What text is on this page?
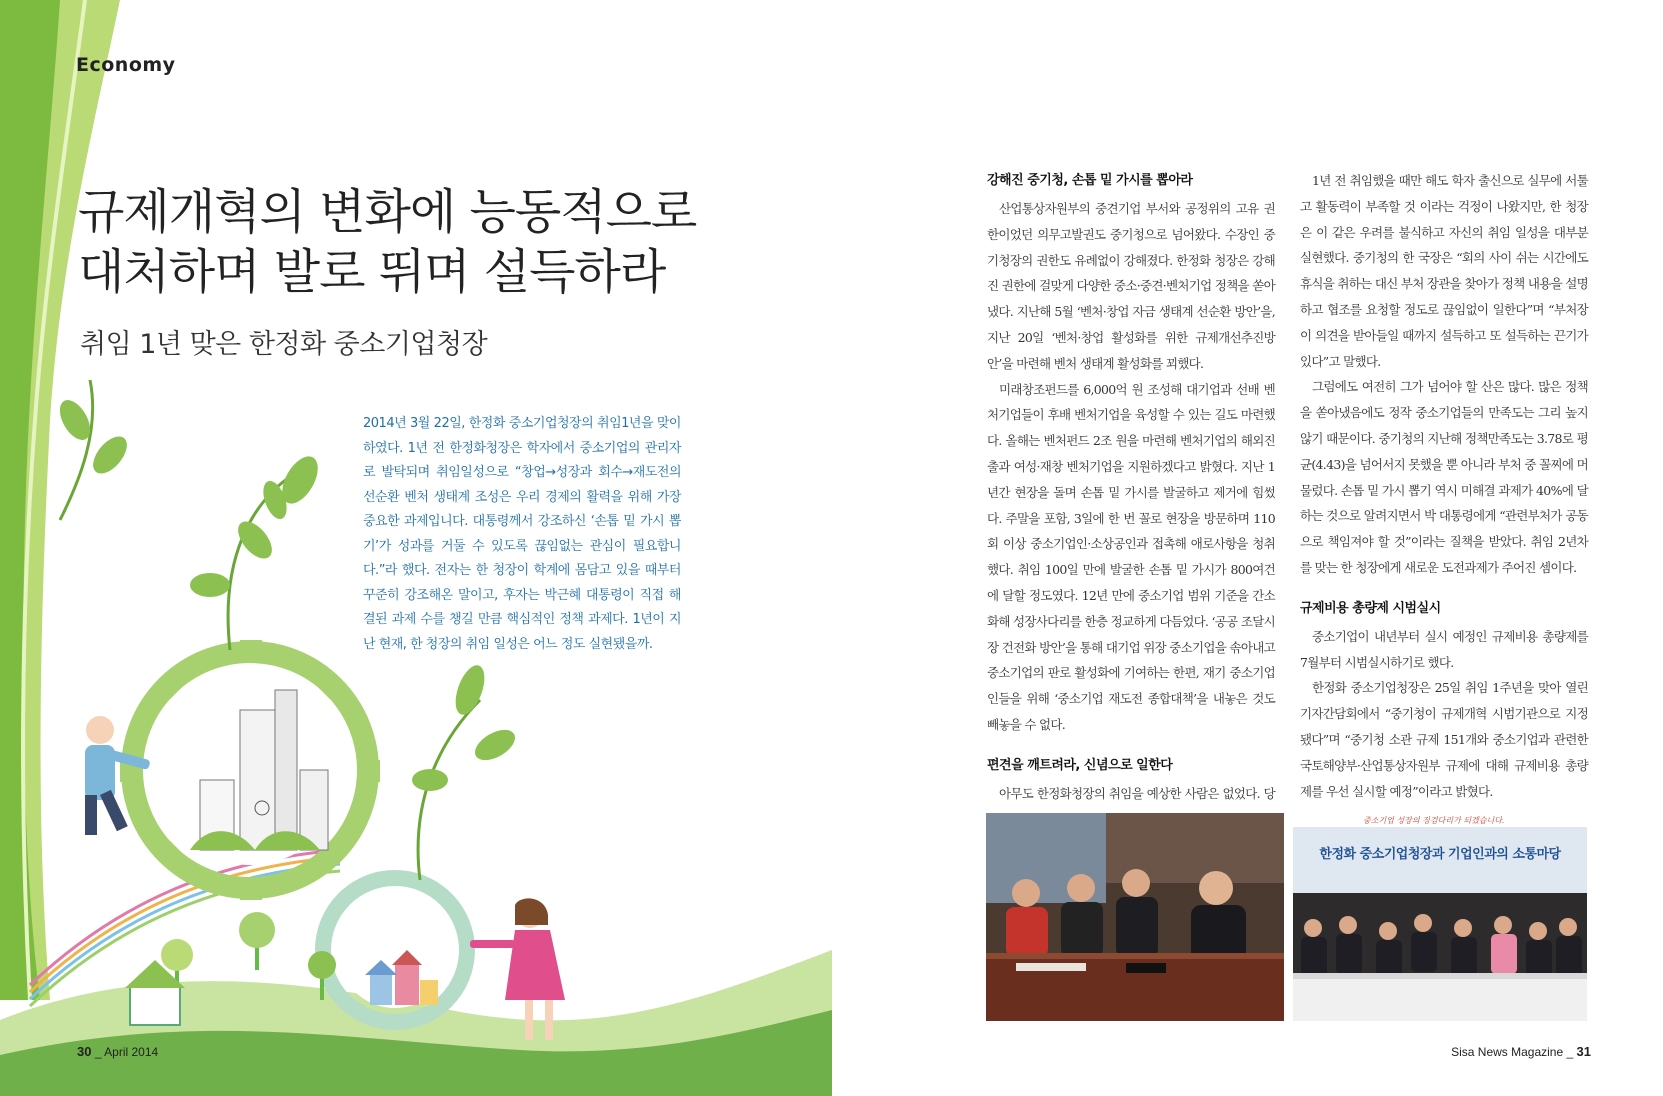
Economy
규제개혁의 변화에 능동적으로
대처하며 발로 뛰며 설득하라
취임 1년 맞은 한정화 중소기업청장

2014년 3월 22일, 한정화 중소기업청장의 취임1년을 맞이하였다. 1년 전 한정화청장은 학자에서 중소기업의 관리자로 발탁되며 취임일성으로 “창업→성장과 회수→재도전의 선순환 벤처 생태계 조성은 우리 경제의 활력을 위해 가장 중요한 과제입니다. 대통령께서 강조하신 ‘손톱 밑 가시 뽑기’가 성과를 거둘 수 있도록 끊임없는 관심이 필요합니다.”라 했다. 전자는 한 청장이 학계에 몸담고 있을 때부터 꾸준히 강조해온 말이고, 후자는 박근혜 대통령이 직접 해결된 과제 수를 챙길 만큼 핵심적인 정책 과제다. 1년이 지난 현재, 한 청장의 취임 일성은 어느 정도 실현됐을까.

30 _ April 2014
강해진 중기청, 손톱 밑 가시를 뽑아라

산업통상자원부의 중견기업 부서와 공정위의 고유 권한이었던 의무고발권도 중기청으로 넘어왔다. 수장인 중기청장의 권한도 유례없이 강해졌다. 한정화 청장은 강해진 권한에 걸맞게 다양한 중소·중견·벤처기업 정책을 쏟아냈다. 지난해 5월 ‘벤처·창업 자금 생태계 선순환 방안’을, 지난 20일 ‘벤처·창업 활성화를 위한 규제개선추진방안’을 마련해 벤처 생태계 활성화를 꾀했다.

미래창조펀드를 6,000억 원 조성해 대기업과 선배 벤처기업들이 후배 벤처기업을 육성할 수 있는 길도 마련했다. 올해는 벤처펀드 2조 원을 마련해 벤처기업의 해외진출과 여성·재창 벤처기업을 지원하겠다고 밝혔다. 지난 1년간 현장을 돌며 손톱 밑 가시를 발굴하고 제거에 힘썼다. 주말을 포함, 3일에 한 번 꼴로 현장을 방문하며 110회 이상 중소기업인·소상공인과 접촉해 애로사항을 청취했다. 취임 100일 만에 발굴한 손톱 밑 가시가 800여건에 달할 정도였다. 12년 만에 중소기업 범위 기준을 간소화해 성장사다리를 한층 정교하게 다듬었다. ‘공공 조달시장 건전화 방안’을 통해 대기업 위장 중소기업을 솎아내고 중소기업의 판로 활성화에 기여하는 한편, 재기 중소기업인들을 위해 ‘중소기업 재도전 종합대책’을 내놓은 것도 빼놓을 수 없다.

편견을 깨트려라, 신념으로 일한다

아무도 한정화청장의 취임을 예상한 사람은 없었다. 당

1년 전 취임했을 때만 해도 학자 출신으로 실무에 서툴고 활동력이 부족할 것 이라는 걱정이 나왔지만, 한 청장은 이 같은 우려를 불식하고 자신의 취임 일성을 대부분 실현했다. 중기청의 한 국장은 “회의 사이 쉬는 시간에도 휴식을 취하는 대신 부처 장관을 찾아가 정책 내용을 설명하고 협조를 요청할 정도로 끊임없이 일한다”며 “부처장이 의견을 받아들일 때까지 설득하고 또 설득하는 끈기가 있다”고 말했다.

그럼에도 여전히 그가 넘어야 할 산은 많다. 많은 정책을 쏟아냈음에도 정작 중소기업들의 만족도는 그리 높지 않기 때문이다. 중기청의 지난해 정책만족도는 3.78로 평균(4.43)을 넘어서지 못했을 뿐 아니라 부처 중 꼴찌에 머물렀다. 손톱 밑 가시 뽑기 역시 미해결 과제가 40%에 달하는 것으로 알려지면서 박 대통령에게 “관련부처가 공동으로 책임져야 할 것”이라는 질책을 받았다. 취임 2년차를 맞는 한 청장에게 새로운 도전과제가 주어진 셈이다.

규제비용 총량제 시범실시

중소기업이 내년부터 실시 예정인 규제비용 총량제를 7월부터 시범실시하기로 했다.

한정화 중소기업청장은 25일 취임 1주년을 맞아 열린 기자간담회에서 “중기청이 규제개혁 시범기관으로 지정됐다”며 “중기청 소관 규제 151개와 중소기업과 관련한 국토해양부·산업통상자원부 규제에 대해 규제비용 총량제를 우선 실시할 예정”이라고 밝혔다.

중소기업 성장의 징검다리가 되겠습니다.
한정화 중소기업청장과 기업인과의 소통마당
Sisa News Magazine _ 31
